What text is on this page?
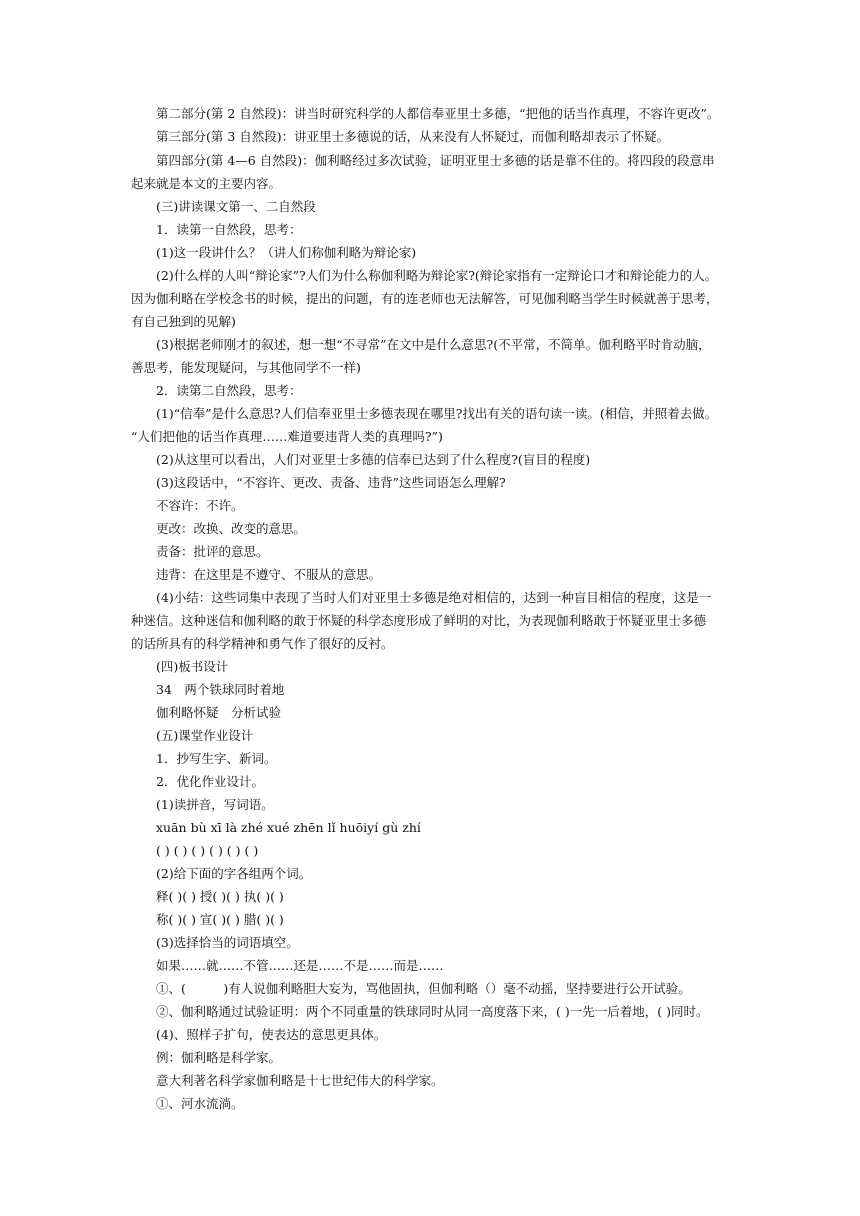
第二部分(第 2 自然段)：讲当时研究科学的人都信奉亚里士多德，“把他的话当作真理，不容许更改”。
第三部分(第 3 自然段)：讲亚里士多德说的话，从来没有人怀疑过，而伽利略却表示了怀疑。
第四部分(第 4—6 自然段)：伽利略经过多次试验，证明亚里士多德的话是靠不住的。将四段的段意串
起来就是本文的主要内容。
(三)讲读课文第一、二自然段
1．读第一自然段，思考：
(1)这一段讲什么？（讲人们称伽利略为辩论家)
(2)什么样的人叫“辩论家”?人们为什么称伽利略为辩论家?(辩论家指有一定辩论口才和辩论能力的人。
因为伽利略在学校念书的时候，提出的问题，有的连老师也无法解答，可见伽利略当学生时候就善于思考，
有自己独到的见解)
(3)根据老师刚才的叙述，想一想“不寻常”在文中是什么意思?(不平常，不简单。伽利略平时肯动脑，
善思考，能发现疑问，与其他同学不一样)
2．读第二自然段，思考：
(1)“信奉”是什么意思?人们信奉亚里士多德表现在哪里?找出有关的语句读一读。(相信，并照着去做。
“人们把他的话当作真理……难道要违背人类的真理吗?”)
(2)从这里可以看出，人们对亚里士多德的信奉已达到了什么程度?(盲目的程度)
(3)这段话中，“不容许、更改、责备、违背”这些词语怎么理解?
不容许：不许。
更改：改换、改变的意思。
责备：批评的意思。
违背：在这里是不遵守、不服从的意思。
(4)小结：这些词集中表现了当时人们对亚里士多德是绝对相信的，达到一种盲目相信的程度，这是一
种迷信。这种迷信和伽利略的敢于怀疑的科学态度形成了鲜明的对比，为表现伽利略敢于怀疑亚里士多德
的话所具有的科学精神和勇气作了很好的反衬。
(四)板书设计
34　两个铁球同时着地
伽利略怀疑　分析试验
(五)课堂作业设计
1．抄写生字、新词。
2．优化作业设计。
(1)读拼音，写词语。
xuān bù xī là zhé xué zhēn lǐ huōiyí gù zhí
( ) ( ) ( ) ( ) ( ) ( )
(2)给下面的字各组两个词。
释( )( ) 授( )( ) 执( )( )
称( )( ) 宣( )( ) 腊( )( )
(3)选择恰当的词语填空。
如果……就……不管……还是……不是……而是……
①、(　　　)有人说伽利略胆大妄为，骂他固执，但伽利略（）毫不动摇，坚持要进行公开试验。
②、伽利略通过试验证明：两个不同重量的铁球同时从同一高度落下来，( )一先一后着地，( )同时。
(4)、照样子扩句，使表达的意思更具体。
例：伽利略是科学家。
意大利著名科学家伽利略是十七世纪伟大的科学家。
①、河水流淌。
